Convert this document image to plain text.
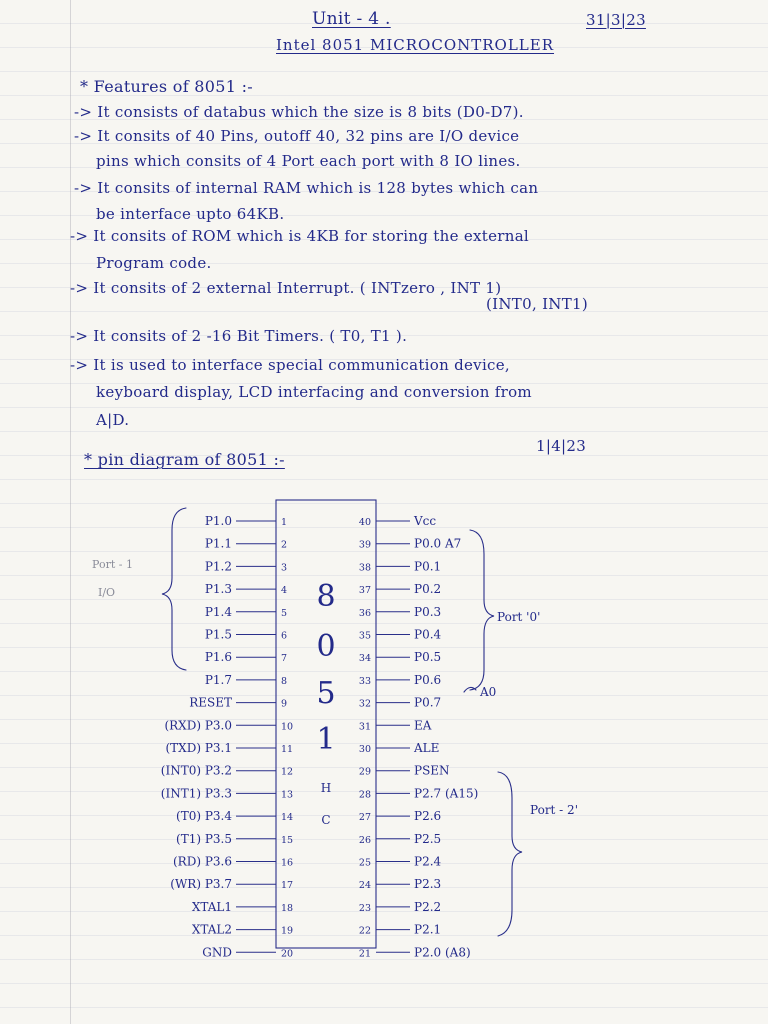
Unit - 4 .	31|3|23
Intel 8051 MICROCONTROLLER
* Features of 8051 :-
-> It consists of databus which the size is 8 bits (D0-D7).
-> It consits of 40 Pins, outoff 40, 32 pins are I/O device
pins which consits of 4 Port each port with 8 IO lines.
-> It consits of internal RAM which is 128 bytes which can
be interface upto 64KB.
-> It consits of ROM which is 4KB for storing the external
Program code.
-> It consits of 2 external Interrupt. ( INTzero , INT 1)
(INT0, INT1)
-> It consits of 2 -16 Bit Timers. ( T0, T1 ).
-> It is used to interface special communication device,
keyboard display, LCD interfacing and conversion from
A|D.
1|4|23
* pin diagram of 8051 :-
P1.0	1
P1.1	2
P1.2	3
P1.3	4
P1.4	5
P1.5	6
P1.6	7
P1.7	8
RESET	9
(RXD) P3.0	10
(TXD) P3.1	11
(INT0) P3.2	12
(INT1) P3.3	13
(T0) P3.4	14
(T1) P3.5	15
(RD) P3.6	16
(WR) P3.7	17
XTAL1	18
XTAL2	19
GND	20
40	Vcc
39	P0.0 A7
38	P0.1
37	P0.2
36	P0.3
35	P0.4
34	P0.5
33	P0.6
32	P0.7
31	EA
30	ALE
29	PSEN
28	P2.7 (A15)
27	P2.6
26	P2.5
25	P2.4
24	P2.3
23	P2.2
22	P2.1
21	P2.0 (A8)
8
0
5
1
H
C
Port '0'
Port - 2'
Port - 1
I/O
A0
